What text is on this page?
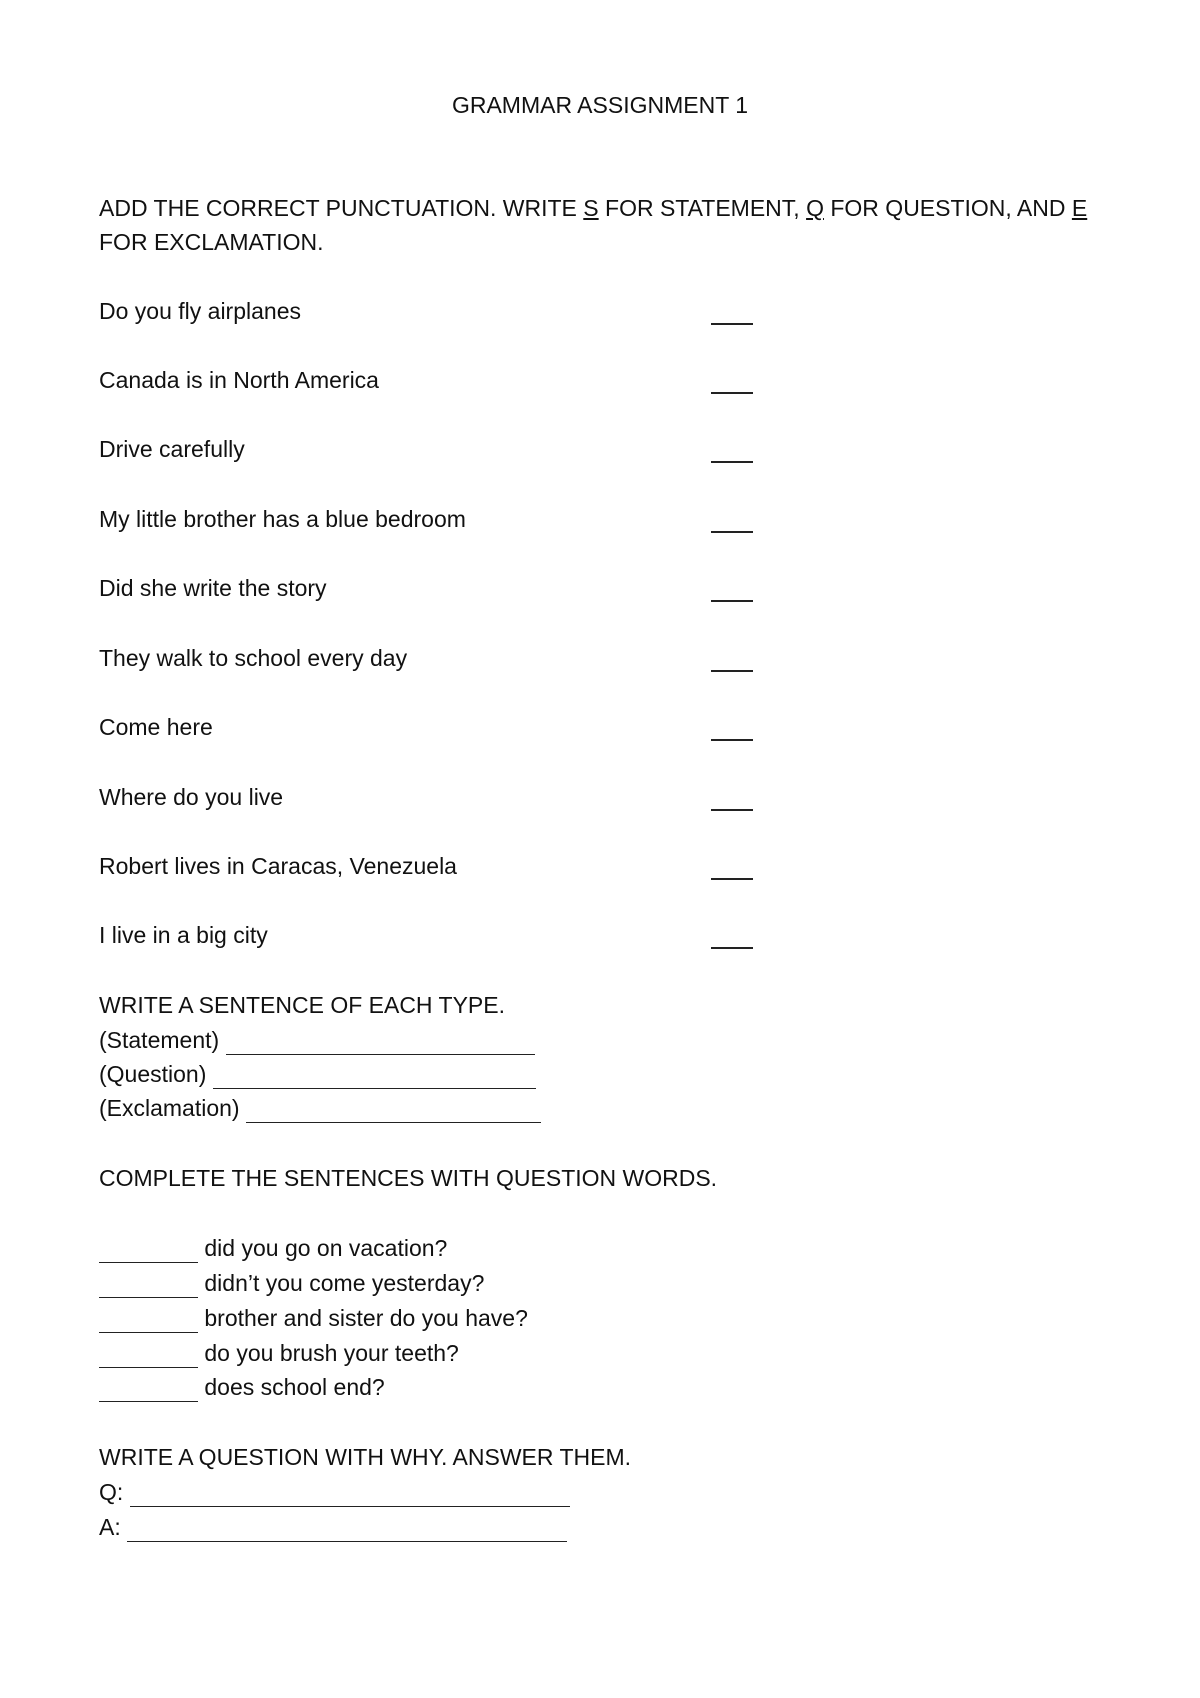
GRAMMAR ASSIGNMENT 1
ADD THE CORRECT PUNCTUATION. WRITE S FOR STATEMENT, Q FOR QUESTION, AND E
FOR EXCLAMATION.
Do you fly airplanes
Canada is in North America
Drive carefully
My little brother has a blue bedroom
Did she write the story
They walk to school every day
Come here
Where do you live
Robert lives in Caracas, Venezuela
I live in a big city
WRITE A SENTENCE OF EACH TYPE.
(Statement)
(Question)
(Exclamation)
COMPLETE THE SENTENCES WITH QUESTION WORDS.
did you go on vacation?
didn’t you come yesterday?
brother and sister do you have?
do you brush your teeth?
does school end?
WRITE A QUESTION WITH WHY. ANSWER THEM.
Q:
A:
